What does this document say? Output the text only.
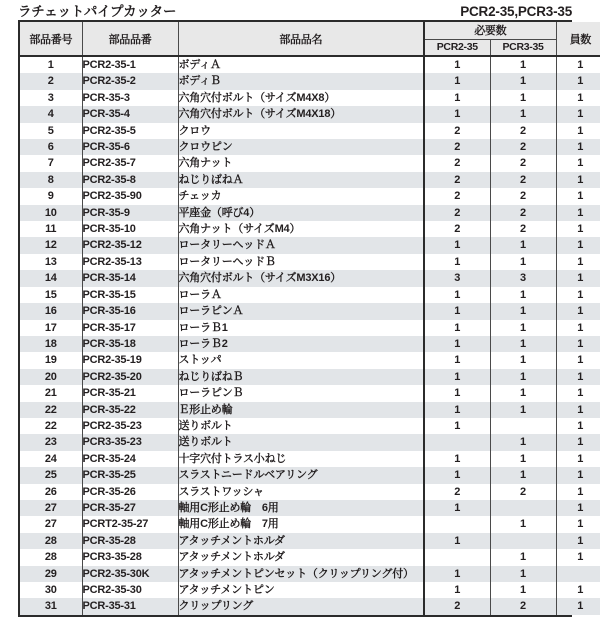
ラチェットパイプカッター	PCR2-35,PCR3-35
部品番号	部品品番	部品品名	必要数		員数
			PCR2-35	PCR3-35	
1	PCR2-35-1	ボディＡ	1	1	1
2	PCR2-35-2	ボディＢ	1	1	1
3	PCR-35-3	六角穴付ボルト（サイズM4X8）	1	1	1
4	PCR-35-4	六角穴付ボルト（サイズM4X18）	1	1	1
5	PCR2-35-5	クロウ	2	2	1
6	PCR-35-6	クロウピン	2	2	1
7	PCR2-35-7	六角ナット	2	2	1
8	PCR2-35-8	ねじりばねＡ	2	2	1
9	PCR2-35-90	チェッカ	2	2	1
10	PCR-35-9	平座金（呼び4）	2	2	1
11	PCR-35-10	六角ナット（サイズM4）	2	2	1
12	PCR2-35-12	ロータリーヘッドＡ	1	1	1
13	PCR2-35-13	ロータリーヘッドＢ	1	1	1
14	PCR-35-14	六角穴付ボルト（サイズM3X16）	3	3	1
15	PCR-35-15	ローラＡ	1	1	1
16	PCR-35-16	ローラピンＡ	1	1	1
17	PCR-35-17	ローラＢ1	1	1	1
18	PCR-35-18	ローラＢ2	1	1	1
19	PCR2-35-19	ストッパ	1	1	1
20	PCR2-35-20	ねじりばねＢ	1	1	1
21	PCR-35-21	ローラピンＢ	1	1	1
22	PCR-35-22	Ｅ形止め輪	1	1	1
22	PCR2-35-23	送りボルト	1		1
23	PCR3-35-23	送りボルト		1	1
24	PCR-35-24	十字穴付トラス小ねじ	1	1	1
25	PCR-35-25	スラストニードルベアリング	1	1	1
26	PCR-35-26	スラストワッシャ	2	2	1
27	PCR-35-27	軸用C形止め輪　6用	1		1
27	PCRT2-35-27	軸用C形止め輪　7用		1	1
28	PCR-35-28	アタッチメントホルダ	1		1
28	PCR3-35-28	アタッチメントホルダ		1	1
29	PCR2-35-30K	アタッチメントピンセット（クリップリング付）	1	1	
30	PCR2-35-30	アタッチメントピン	1	1	1
31	PCR-35-31	クリップリング	2	2	1
